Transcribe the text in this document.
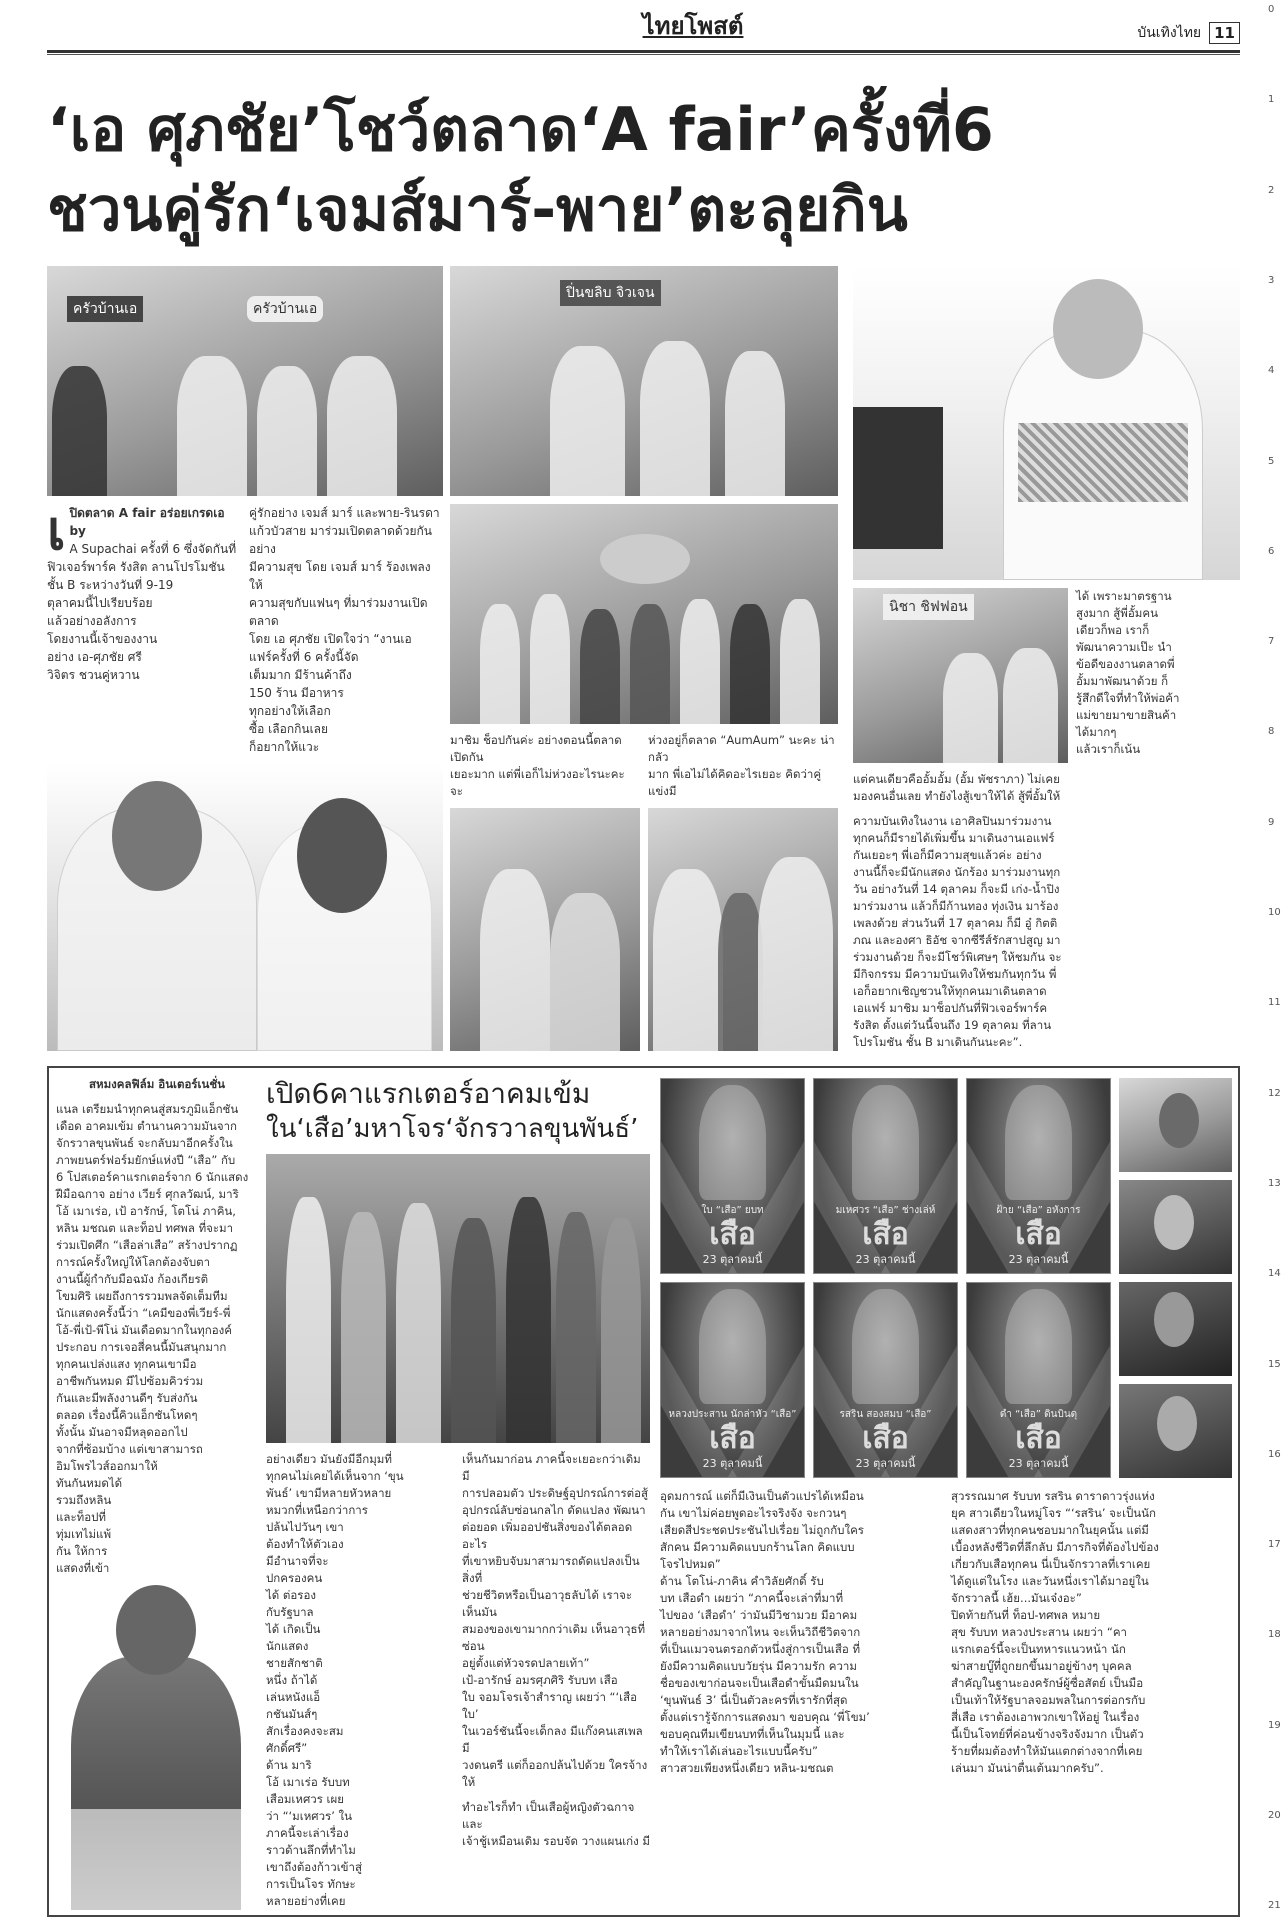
ไทยโพสต์	บันเทิงไทย 11
0
1
2
3
4
5
6
7
8
9
10
11
12
13
14
15
16
17
18
19
20
21
‘เอ ศุภชัย’โชว์ตลาด‘A fair’ครั้งที่6
ชวนคู่รัก‘เจมส์มาร์-พาย’ตะลุยกิน
ครัวบ้านเอ	ครัวบ้านเอ
เ ปิดตลาด A fair อร่อยเกรดเอ by
A Supachai ครั้งที่ 6 ซึ่งจัดกันที่
ฟิวเจอร์พาร์ค รังสิต ลานโปรโมชัน
ชั้น B ระหว่างวันที่ 9-19
ตุลาคมนี้ไปเรียบร้อย
แล้วอย่างอลังการ
โดยงานนี้เจ้าของงาน
อย่าง เอ-ศุภชัย ศรี
วิจิตร ชวนคู่หวาน
คู่รักอย่าง เจมส์ มาร์ และพาย-รินรดา
แก้วบัวสาย มาร่วมเปิดตลาดด้วยกันอย่าง
มีความสุข โดย เจมส์ มาร์ ร้องเพลงให้
ความสุขกับแฟนๆ ที่มาร่วมงานเปิดตลาด
โดย เอ ศุภชัย เปิดใจว่า “งานเอ
แฟร์ครั้งที่ 6 ครั้งนี้จัด
เต็มมาก มีร้านค้าถึง
150 ร้าน มีอาหาร
ทุกอย่างให้เลือก
ซื้อ เลือกกินเลย
ก็อยากให้แวะ
ปิ่นขลิบ จิวเจน
มาชิม ช็อปกันค่ะ อย่างตอนนี้ตลาดเปิดกัน
เยอะมาก แต่พี่เอก็ไม่ห่วงอะไรนะคะ จะ
ห่วงอยู่ก็ตลาด “AumAum” นะคะ น่ากลัว
มาก พี่เอไม่ได้คิดอะไรเยอะ คิดว่าคู่แข่งมี
นิชา ชิฟฟอน
ได้ เพราะมาตรฐาน
สูงมาก สู้พี่อั้มคน
เดียวก็พอ เราก็
พัฒนาความเป๊ะ นำ
ข้อดีของงานตลาดพี่
อั้มมาพัฒนาด้วย ก็
รู้สึกดีใจที่ทำให้พ่อค้า
แม่ขายมาขายสินค้า
ได้มากๆ
แล้วเราก็เน้น
แต่คนเดียวคืออั้มอั้ม (อั้ม พัชราภา) ไม่เคย
มองคนอื่นเลย ทำยังไงสู้เขาให้ได้ สู้พี่อั้มให้
ความบันเทิงในงาน เอาศิลปินมาร่วมงาน
ทุกคนก็มีรายได้เพิ่มขึ้น มาเดินงานเอแฟร์
กันเยอะๆ พี่เอก็มีความสุขแล้วค่ะ อย่าง
งานนี้ก็จะมีนักแสดง นักร้อง มาร่วมงานทุก
วัน อย่างวันที่ 14 ตุลาคม ก็จะมี เก่ง-น้ำปิง
มาร่วมงาน แล้วก็มีก้านทอง ทุ่งเงิน มาร้อง
เพลงด้วย ส่วนวันที่ 17 ตุลาคม ก็มี อู๋ กิตติ
ภณ และองศา ธิอัช จากซีรีส์รักสาปสูญ มา
ร่วมงานด้วย ก็จะมีโชว์พิเศษๆ ให้ชมกัน จะ
มีกิจกรรม มีความบันเทิงให้ชมกันทุกวัน พี่
เอก็อยากเชิญชวนให้ทุกคนมาเดินตลาด
เอแฟร์ มาชิม มาช็อปกันที่ฟิวเจอร์พาร์ค
รังสิต ตั้งแต่วันนี้จนถึง 19 ตุลาคม ที่ลาน
โปรโมชัน ชั้น B มาเดินกันนะคะ”.
สหมงคลฟิล์ม อินเตอร์เนชั่น
แนล เตรียมนำทุกคนสู่สมรภูมิแอ็กชัน
เดือด อาคมเข้ม ตำนานความมันจาก
จักรวาลขุนพันธ์ จะกลับมาอีกครั้งใน
ภาพยนตร์ฟอร์มยักษ์แห่งปี “เสือ” กับ
6 โปสเตอร์คาแรกเตอร์จาก 6 นักแสดง
ฝีมือฉกาจ อย่าง เวียร์ ศุกลวัฒน์, มาริ
โอ้ เมาเร่อ, เป้ อารักษ์, โตโน่ ภาคิน,
หลิน มชณต และท็อป ทศพล ที่จะมา
ร่วมเปิดศึก “เสือล่าเสือ” สร้างปรากฏ
การณ์ครั้งใหญ่ให้โลกต้องจับตา
งานนี้ผู้กำกับมือฉมัง ก้องเกียรติ
โขมศิริ เผยถึงการรวมพลจัดเต็มทีม
นักแสดงครั้งนี้ว่า “เคมีของพี่เวียร์-พี่
โอ้-พี่เป้-พีโน่ มันเดือดมากในทุกองค์
ประกอบ การเจอสี่คนนี้มันสนุกมาก
ทุกคนเปล่งแสง ทุกคนเขามือ
อาชีพกันหมด มีไปซ้อมคิวร่วม
กันและมีพลังงานดีๆ รับส่งกัน
ตลอด เรื่องนี้คิวแอ็กชันโหดๆ
ทั้งนั้น มันอาจมีหลุดออกไป
จากที่ซ้อมบ้าง แต่เขาสามารถ
อิมโพรไวส์ออกมาให้
ทันกันหมดได้
รวมถึงหลิน
และท็อปที่
ทุ่มเทไม่แพ้
กัน ให้การ
แสดงที่เข้า
เปิด6คาแรกเตอร์อาคมเข้ม
ใน‘เสือ’มหาโจร‘จักรวาลขุนพันธ์’
อย่างเดียว มันยังมีอีกมุมที่
ทุกคนไม่เคยได้เห็นจาก ‘ขุน
พันธ์’ เขามีหลายหัวหลาย
หมวกที่เหนือกว่าการ
ปล้นไปวันๆ เขา
ต้องทำให้ตัวเอง
มีอำนาจที่จะ
ปกครองคน
ได้ ต่อรอง
กับรัฐบาล
ได้ เกิดเป็น
นักแสดง
ชายสักชาติ
หนึ่ง ถ้าได้
เล่นหนังแอ็
กชันมันส์ๆ
สักเรื่องคงจะสม
ศักดิ์ศรี”
ด้าน มาริ
โอ้ เมาเร่อ รับบท
เสือมเหศวร เผย
ว่า “‘มเหศวร’ ใน
ภาคนี้จะเล่าเรื่อง
ราวด้านลึกที่ทำไม
เขาถึงต้องก้าวเข้าสู่
การเป็นโจร ทักษะ
หลายอย่างที่เคย
เห็นกันมาก่อน ภาคนี้จะเยอะกว่าเดิม มี
การปลอมตัว ประดิษฐ์อุปกรณ์การต่อสู้
อุปกรณ์ลับซ่อนกลไก ดัดแปลง พัฒนา
ต่อยอด เพิ่มออปชันสิ่งของได้ตลอด อะไร
ที่เขาหยิบจับมาสามารถดัดแปลงเป็นสิ่งที่
ช่วยชีวิตหรือเป็นอาวุธลับได้ เราจะเห็นมัน
สมองของเขามากกว่าเดิม เห็นอาวุธที่ซ่อน
อยู่ตั้งแต่หัวจรดปลายเท้า”
เป้-อารักษ์ อมรศุภศิริ รับบท เสือ
ใบ จอมโจรเจ้าสำราญ เผยว่า “‘เสือใบ’
ในเวอร์ชันนี้จะเด็กลง มีแก๊งคนเสเพล มี
วงดนตรี แต่ก็ออกปล้นไปด้วย ใครจ้างให้
ทำอะไรก็ทำ เป็นเสือผู้หญิงตัวฉกาจและ
เจ้าชู้เหมือนเดิม รอบจัด วางแผนเก่ง มี
ใบ “เสือ” ยบท
เสือ
23 ตุลาคมนี้
มเหศวร “เสือ” ช่างเล่ห์
เสือ
23 ตุลาคมนี้
ฝ้าย “เสือ” อหังการ
เสือ
23 ตุลาคมนี้
หลวงประสาน นักล่าหัว “เสือ”
เสือ
23 ตุลาคมนี้
รสริน สองสมบ “เสือ”
เสือ
23 ตุลาคมนี้
ดำ “เสือ” ดินบินดุ
เสือ
23 ตุลาคมนี้
อุดมการณ์ แต่ก็มีเงินเป็นตัวแปรได้เหมือน
กัน เขาไม่ค่อยพูดอะไรจริงจัง จะกวนๆ
เสียดสีประชดประชันไปเรื่อย ไม่ถูกกับใคร
สักคน มีความคิดแบบกร้านโลก คิดแบบ
โจรไปหมด”
ด้าน โตโน่-ภาคิน คำวิลัยศักดิ์ รับ
บท เสือดำ เผยว่า “ภาคนี้จะเล่าที่มาที่
ไปของ ‘เสือดำ’ ว่ามันมีวิชามวย มีอาคม
หลายอย่างมาจากไหน จะเห็นวิถีชีวิตจาก
ที่เป็นแมวจนตรอกตัวหนึ่งสู่การเป็นเสือ ที่
ยังมีความคิดแบบวัยรุ่น มีความรัก ความ
ชื่อของเขาก่อนจะเป็นเสือดำขั้นมืดมนใน
‘ขุนพันธ์ 3’ นี่เป็นตัวละครที่เรารักที่สุด
ตั้งแต่เรารู้จักการแสดงมา ขอบคุณ ‘พี่โขม’
ขอบคุณทีมเขียนบทที่เห็นในมุมนี้ และ
ทำให้เราได้เล่นอะไรแบบนี้ครับ”
สาวสวยเพียงหนึ่งเดียว หลิน-มชณต
สุวรรณมาศ รับบท รสริน ดาราดาวรุ่งแห่ง
ยุค สาวเดียวในหมู่โจร “‘รสริน’ จะเป็นนัก
แสดงสาวที่ทุกคนชอบมากในยุคนั้น แต่มี
เบื้องหลังชีวิตที่ลึกลับ มีภารกิจที่ต้องไปข้อง
เกี่ยวกับเสือทุกคน นี่เป็นจักรวาลที่เราเคย
ได้ดูแต่ในโรง และวันหนึ่งเราได้มาอยู่ใน
จักรวาลนี้ เฮ้ย...มันเจ๋งอะ”
ปิดท้ายกันที่ ท็อป-ทศพล หมาย
สุข รับบท หลวงประสาน เผยว่า “คา
แรกเตอร์นี้จะเป็นทหารแนวหน้า นัก
ฆ่าสายบู๊ที่ถูกยกขึ้นมาอยู่ข้างๆ บุคคล
สำคัญในฐานะองครักษ์ผู้ซื่อสัตย์ เป็นมือ
เป็นเท้าให้รัฐบาลจอมพลในการต่อกรกับ
สี่เสือ เราต้องเอาพวกเขาให้อยู่ ในเรื่อง
นี้เป็นโจทย์ที่ค่อนข้างจริงจังมาก เป็นตัว
ร้ายที่ผมต้องทำให้มันแตกต่างจากที่เคย
เล่นมา มันน่าตื่นเต้นมากครับ”.
